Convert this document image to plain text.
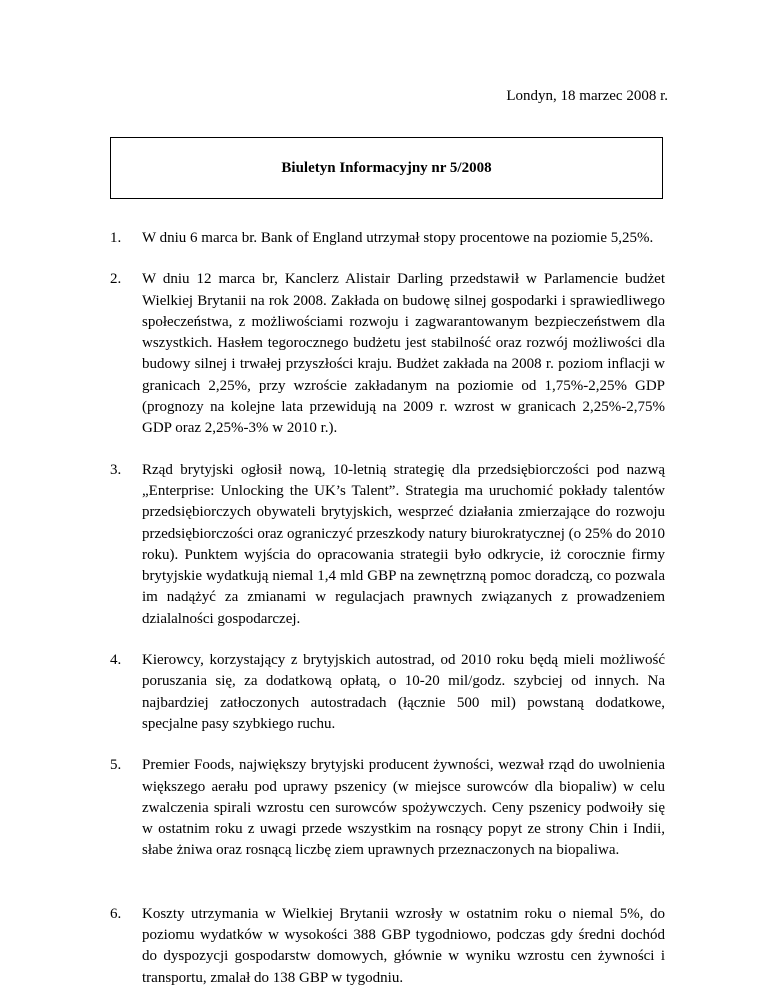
Londyn, 18 marzec 2008 r.
Biuletyn Informacyjny nr 5/2008
1. W dniu 6 marca br. Bank of England utrzymał stopy procentowe na poziomie 5,25%.
2. W dniu 12 marca br, Kanclerz Alistair Darling przedstawił w Parlamencie budżet Wielkiej Brytanii na rok 2008. Zakłada on budowę silnej gospodarki i sprawiedliwego społeczeństwa, z możliwościami rozwoju i zagwarantowanym bezpieczeństwem dla wszystkich. Hasłem tegorocznego budżetu jest stabilność oraz rozwój możliwości dla budowy silnej i trwałej przyszłości kraju. Budżet zakłada na 2008 r. poziom inflacji w granicach 2,25%, przy wzroście zakładanym na poziomie od 1,75%-2,25% GDP (prognozy na kolejne lata przewidują na 2009 r. wzrost w granicach 2,25%-2,75% GDP oraz 2,25%-3% w 2010 r.).
3. Rząd brytyjski ogłosił nową, 10-letnią strategię dla przedsiębiorczości pod nazwą „Enterprise: Unlocking the UK’s Talent”. Strategia ma uruchomić pokłady talentów przedsiębiorczych obywateli brytyjskich, wesprzeć działania zmierzające do rozwoju przedsiębiorczości oraz ograniczyć przeszkody natury biurokratycznej (o 25% do 2010 roku). Punktem wyjścia do opracowania strategii było odkrycie, iż corocznie firmy brytyjskie wydatkują niemal 1,4 mld GBP na zewnętrzną pomoc doradczą, co pozwala im nadążyć za zmianami w regulacjach prawnych związanych z prowadzeniem dzialalności gospodarczej.
4. Kierowcy, korzystający z brytyjskich autostrad, od 2010 roku będą mieli możliwość poruszania się, za dodatkową opłatą, o 10-20 mil/godz. szybciej od innych. Na najbardziej zatłoczonych autostradach (łącznie 500 mil) powstaną dodatkowe, specjalne pasy szybkiego ruchu.
5. Premier Foods, największy brytyjski producent żywności, wezwał rząd do uwolnienia większego aerału pod uprawy pszenicy (w miejsce surowców dla biopaliw) w celu zwalczenia spirali wzrostu cen surowców spożywczych. Ceny pszenicy podwoiły się w ostatnim roku z uwagi przede wszystkim na rosnący popyt ze strony Chin i Indii, słabe żniwa oraz rosnącą liczbę ziem uprawnych przeznaczonych na biopaliwa.
6. Koszty utrzymania w Wielkiej Brytanii wzrosły w ostatnim roku o niemal 5%, do poziomu wydatków w wysokości 388 GBP tygodniowo, podczas gdy średni dochód do dyspozycji gospodarstw domowych, głównie w wyniku wzrostu cen żywności i transportu, zmalał do 138 GBP w tygodniu.
